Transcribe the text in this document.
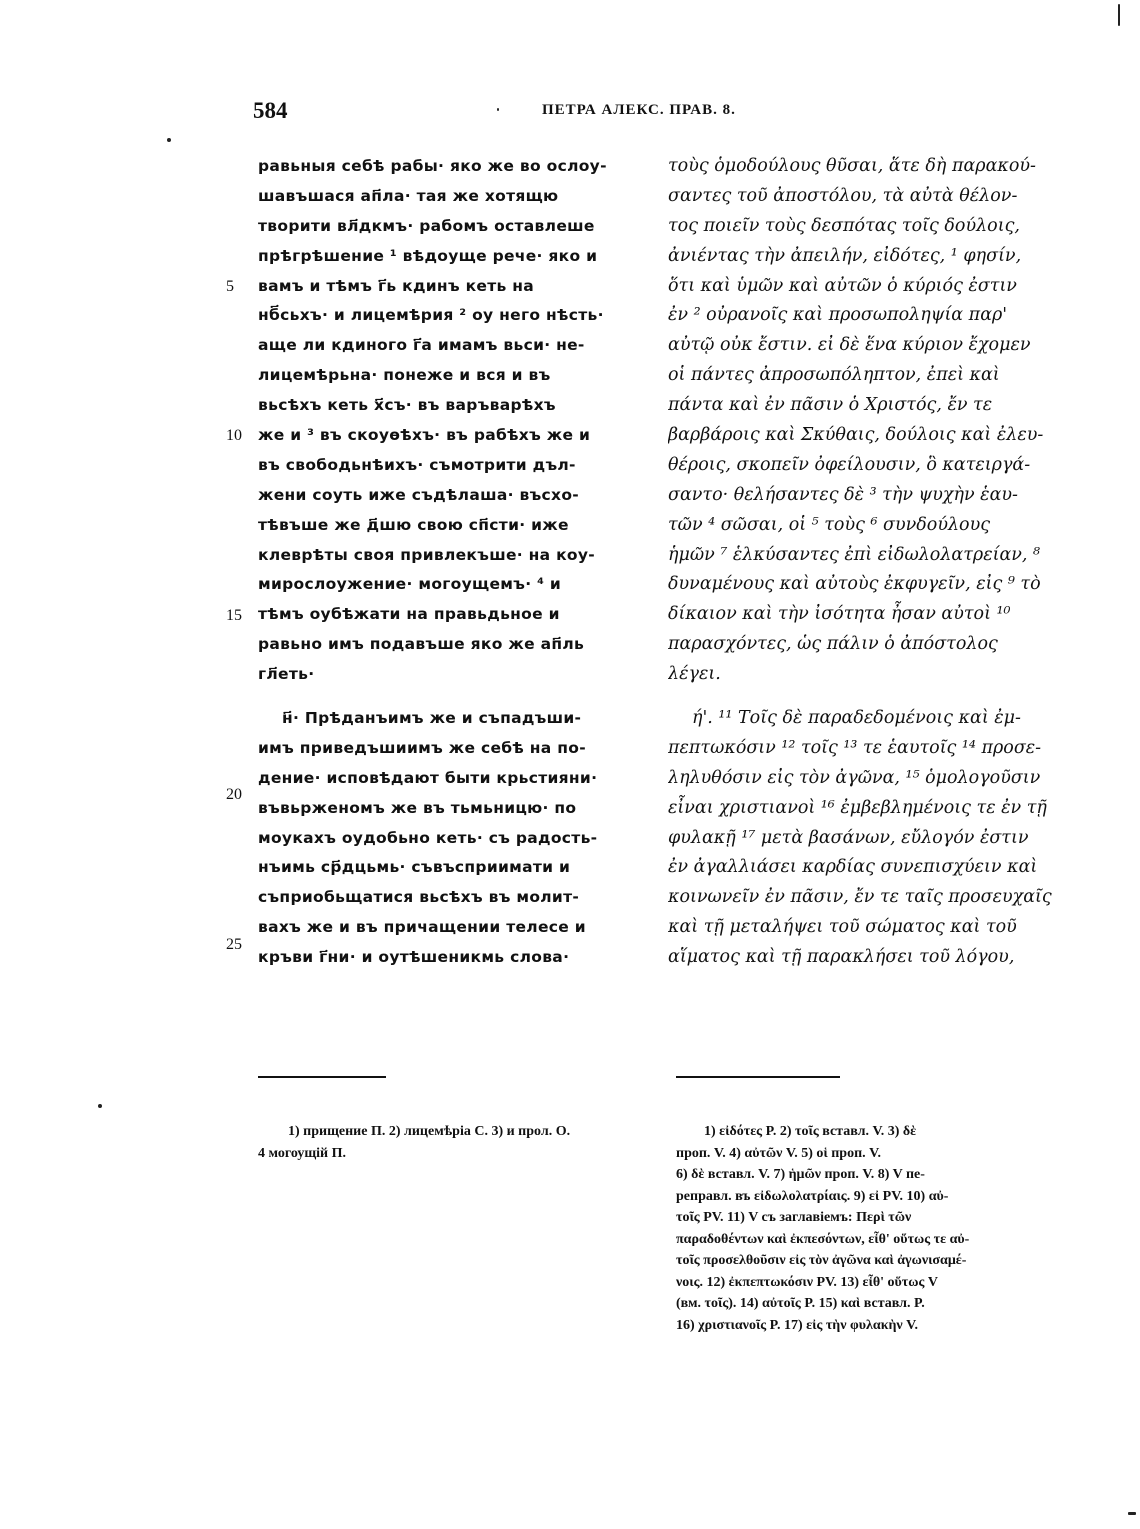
584	ПЕТРА АЛЕКС. ПРАВ. 8.
5
10
15
20
25
равьныя себѣ рабы· яко же во ослоу-
шавъшася ап҃ла· тая же хотящю
творити вл҃дкмъ· рабомъ оставлеше
прѣгрѣшение ¹ вѣдоуще рече· яко и
вамъ и тѣмъ г҃ь кдинъ кеть на
нб҃сьхъ· и лицемѣрия ² оу него нѣсть·
аще ли кдиного г҃а имамъ вьси· не-
лицемѣрьна· понеже и вся и въ
вьсѣхъ кеть х҃съ· въ варъварѣхъ
же и ³ въ скоуѳѣхъ· въ рабѣхъ же и
въ свободьнѣихъ· съмотрити дъл-
жени соуть иже съдѣлаша· въсхо-
тѣвъше же д҃шю свою сп҃сти· иже
клеврѣты своя привлекъше· на коу-
мирослоужение· могоущемъ· ⁴ и
тѣмъ оубѣжати на правьдьное и
равьно имъ подавъше яко же ап҃ль
гл҃еть·
н҃· Прѣданъимъ же и съпадъши-
имъ приведъшиимъ же себѣ на по-
дение· исповѣдают быти крьстияни·
въвьрженомъ же въ тьмьницю· по
моукахъ оудобьно кеть· съ радость-
нъимь ср҃дцьмь· съвъсприимати и
съприобьщатися вьсѣхъ въ молит-
вахъ же и въ причащении телесе и
кръви г҃ни· и оутѣшеникмь слова·
τοὺς ὁμοδούλους θῦσαι, ἅτε δὴ παρακού-
σαντες τοῦ ἀποστόλου, τὰ αὐτὰ θέλον-
τος ποιεῖν τοὺς δεσπότας τοῖς δούλοις,
ἀνιέντας τὴν ἀπειλήν, εἰδότες, ¹ φησίν,
ὅτι καὶ ὑμῶν καὶ αὐτῶν ὁ κύριός ἐστιν
ἐν ² οὐρανοῖς καὶ προσωποληψία παρ'
αὐτῷ οὐκ ἔστιν. εἰ δὲ ἕνα κύριον ἔχομεν
οἱ πάντες ἀπροσωπόληπτον, ἐπεὶ καὶ
πάντα καὶ ἐν πᾶσιν ὁ Χριστός, ἔν τε
βαρβάροις καὶ Σκύθαις, δούλοις καὶ ἐλευ-
θέροις, σκοπεῖν ὀφείλουσιν, ὃ κατειργά-
σαντο· θελήσαντες δὲ ³ τὴν ψυχὴν ἑαυ-
τῶν ⁴ σῶσαι, οἱ ⁵ τοὺς ⁶ συνδούλους
ἡμῶν ⁷ ἑλκύσαντες ἐπὶ εἰδωλολατρείαν, ⁸
δυναμένους καὶ αὐτοὺς ἐκφυγεῖν, εἰς ⁹ τὸ
δίκαιον καὶ τὴν ἰσότητα ἦσαν αὐτοὶ ¹⁰
παρασχόντες, ὡς πάλιν ὁ ἀπόστολος
λέγει.
ή'. ¹¹ Τοῖς δὲ παραδεδομένοις καὶ ἐμ-
πεπτωκόσιν ¹² τοῖς ¹³ τε ἑαυτοῖς ¹⁴ προσε-
ληλυθόσιν εἰς τὸν ἀγῶνα, ¹⁵ ὁμολογοῦσιν
εἶναι χριστιανοὶ ¹⁶ ἐμβεβλημένοις τε ἐν τῇ
φυλακῇ ¹⁷ μετὰ βασάνων, εὔλογόν ἐστιν
ἐν ἀγαλλιάσει καρδίας συνεπισχύειν καὶ
κοινωνεῖν ἐν πᾶσιν, ἔν τε ταῖς προσευχαῖς
καὶ τῇ μεταλήψει τοῦ σώματος καὶ τοῦ
αἵματος καὶ τῇ παρακλήσει τοῦ λόγου,
1) прищение П. 2) лицемѣрiа С. 3) и прол. О.
4 могоущiй П.
1) εἰδότες P. 2) τοῖς вставл. V. 3) δὲ
проп. V. 4) αὐτῶν V. 5) οἱ проп. V.
6) δὲ вставл. V. 7) ἡμῶν проп. V. 8) V пе-
реправл. въ εἰδωλολατρίαις. 9) εἰ PV. 10) αὐ-
τοῖς PV. 11) V съ заглавiемъ: Περὶ τῶν
παραδοθέντων καὶ ἐκπεσόντων, εἶθ' οὕτως τε αὐ-
τοῖς προσελθοῦσιν εἰς τὸν ἀγῶνα καὶ ἀγωνισαμέ-
νοις. 12) ἐκπεπτωκόσιν PV. 13) εἶθ' οὕτως V
(вм. τοῖς). 14) αὐτοῖς P. 15) καὶ вставл. P.
16) χριστιανοῖς P. 17) εἰς τὴν φυλακὴν V.
